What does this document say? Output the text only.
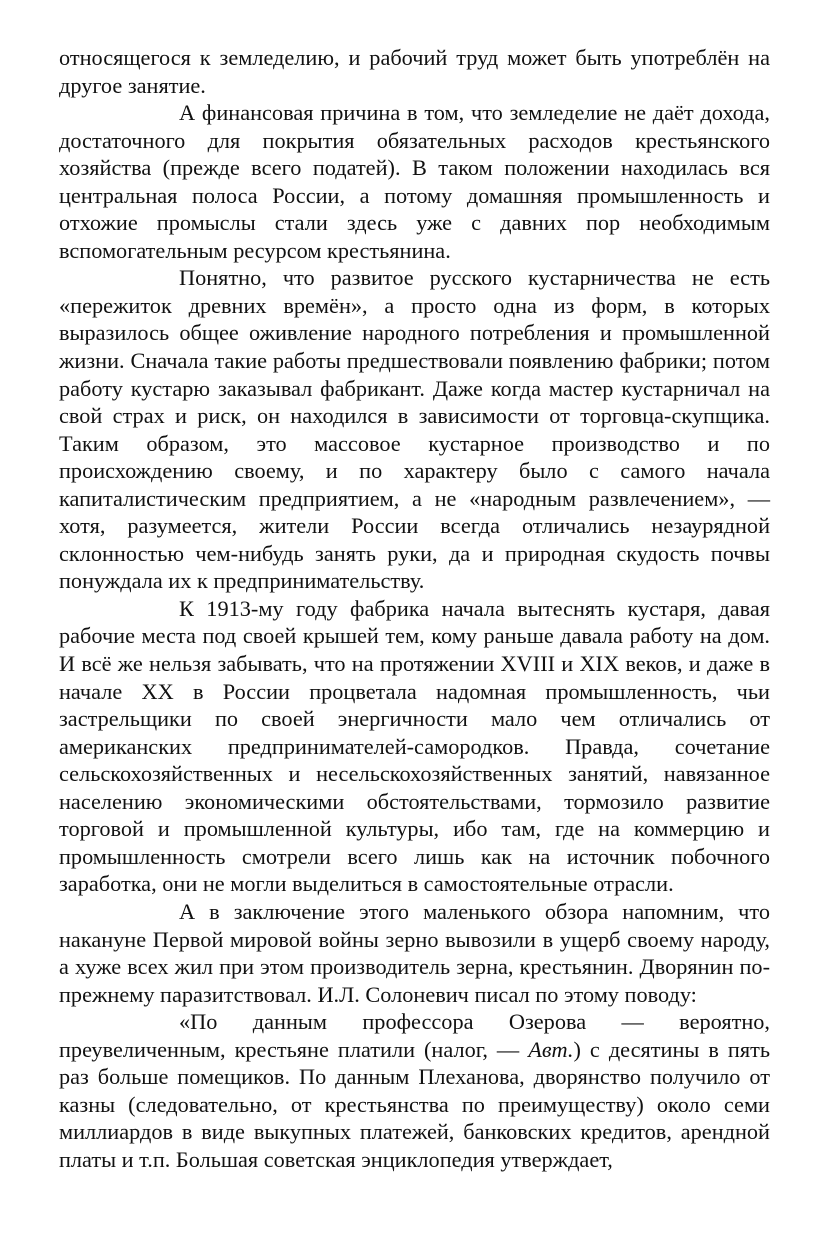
относящегося к земледелию, и рабочий труд может быть употреблён на другое занятие.

А финансовая причина в том, что земледелие не даёт дохода, достаточного для покрытия обязательных расходов крестьянского хозяйства (прежде всего податей). В таком положении находилась вся центральная полоса России, а потому домашняя промышленность и отхожие промыслы стали здесь уже с давних пор необходимым вспомогательным ресурсом крестьянина.

Понятно, что развитое русского кустарничества не есть «пережиток древних времён», а просто одна из форм, в которых выразилось общее оживление народного потребления и промышленной жизни. Сначала такие работы предшествовали появлению фабрики; потом работу кустарю заказывал фабрикант. Даже когда мастер кустарничал на свой страх и риск, он находился в зависимости от торговца-скупщика. Таким образом, это массовое кустарное производство и по происхождению своему, и по характеру было с самого начала капиталистическим предприятием, а не «народным развлечением», — хотя, разумеется, жители России всегда отличались незаурядной склонностью чем-нибудь занять руки, да и природная скудость почвы понуждала их к предпринимательству.

К 1913-му году фабрика начала вытеснять кустаря, давая рабочие места под своей крышей тем, кому раньше давала работу на дом. И всё же нельзя забывать, что на протяжении XVIII и XIX веков, и даже в начале XX в России процветала надомная промышленность, чьи застрельщики по своей энергичности мало чем отличались от американских предпринимателей-самородков. Правда, сочетание сельскохозяйственных и несельскохозяйственных занятий, навязанное населению экономическими обстоятельствами, тормозило развитие торговой и промышленной культуры, ибо там, где на коммерцию и промышленность смотрели всего лишь как на источник побочного заработка, они не могли выделиться в самостоятельные отрасли.

А в заключение этого маленького обзора напомним, что накануне Первой мировой войны зерно вывозили в ущерб своему народу, а хуже всех жил при этом производитель зерна, крестьянин. Дворянин по-прежнему паразитствовал. И.Л. Солоневич писал по этому поводу:

«По данным профессора Озерова — вероятно, преувеличенным, крестьяне платили (налог, — Авт.) с десятины в пять раз больше помещиков. По данным Плеханова, дворянство получило от казны (следовательно, от крестьянства по преимуществу) около семи миллиардов в виде выкупных платежей, банковских кредитов, арендной платы и т.п. Большая советская энциклопедия утверждает,
